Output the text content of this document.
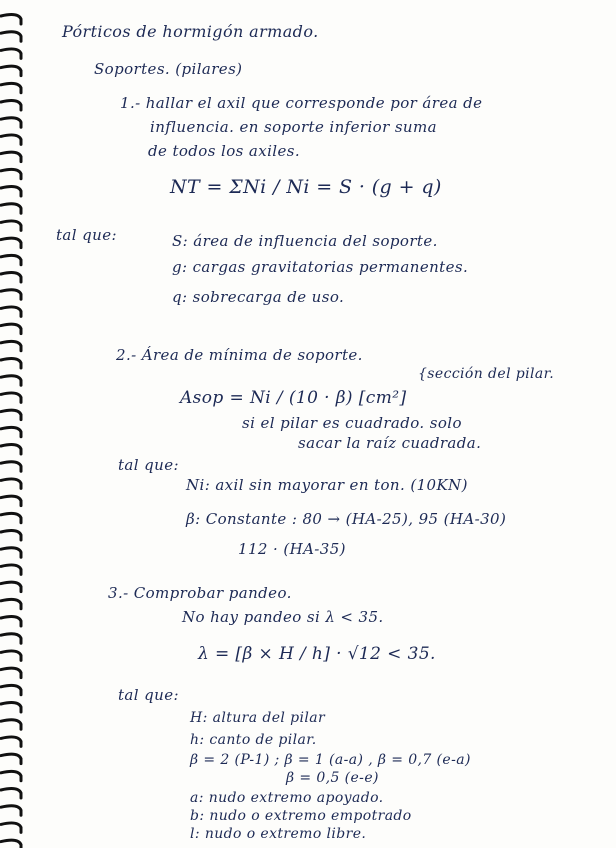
Pórticos de hormigón armado.
Soportes. (pilares)
1.- hallar el axil que corresponde por área de
influencia. en soporte inferior suma
de todos los axiles.
NT = ΣNi / Ni = S · (g + q)
tal que:	S: área de influencia del soporte.
g: cargas gravitatorias permanentes.
q: sobrecarga de uso.
2.- Área de mínima de soporte.
Asop = Ni / (10 · β) [cm²]
{sección del pilar.
si el pilar es cuadrado. solo
sacar la raíz cuadrada.
tal que:
Ni: axil sin mayorar en ton. (10KN)
β: Constante : 80 → (HA-25), 95 (HA-30)
112 · (HA-35)
3.- Comprobar pandeo.
No hay pandeo si λ < 35.
λ = [β × H / h] · √12 < 35.
tal que:
H: altura del pilar
h: canto de pilar.
β = 2 (P-1) ; β = 1 (a-a) , β = 0,7 (e-a)
β = 0,5 (e-e)
a: nudo extremo apoyado.
b: nudo o extremo empotrado
l: nudo o extremo libre.
